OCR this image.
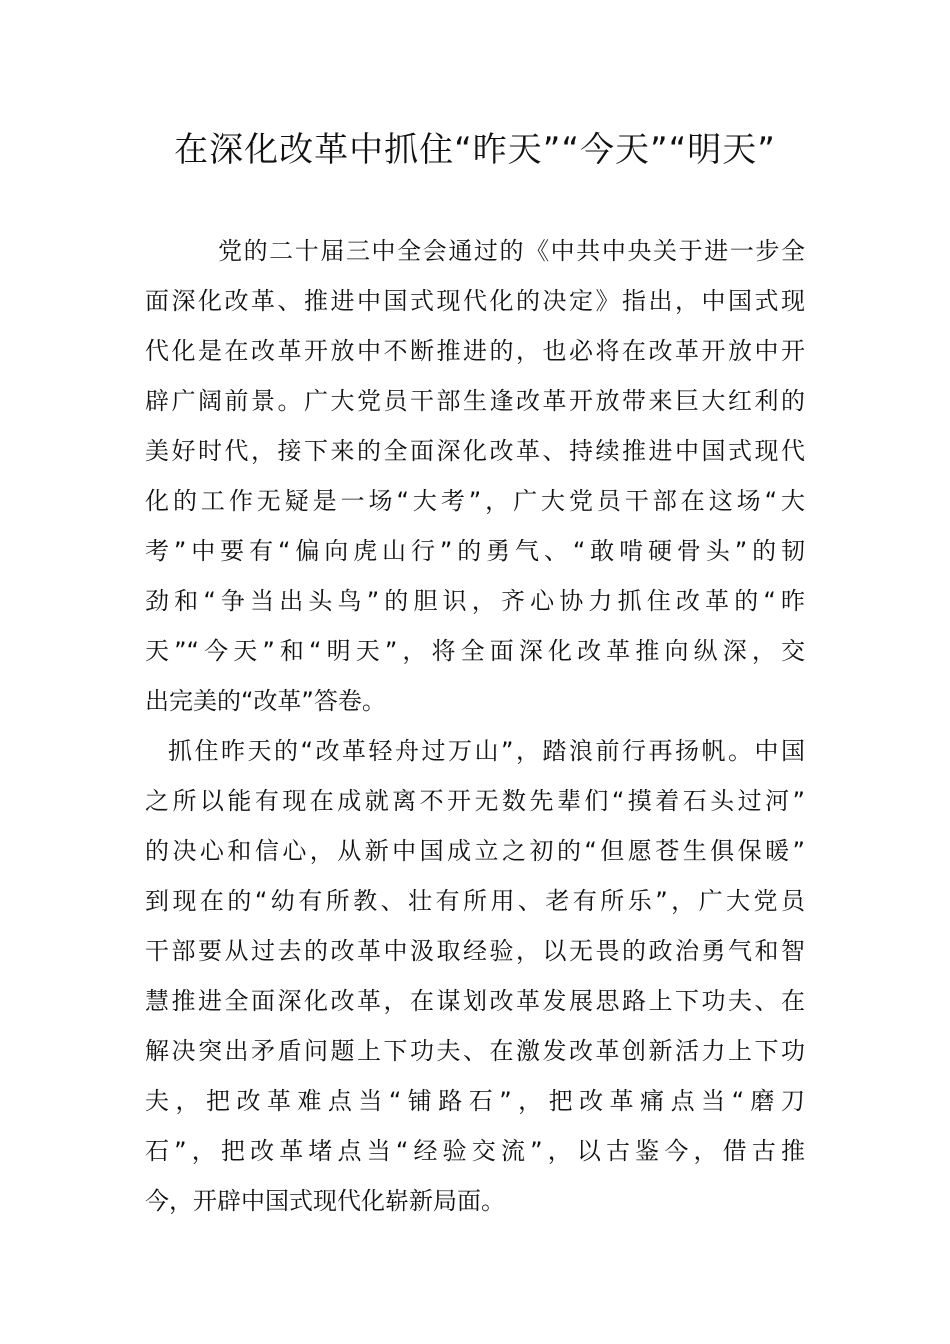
在深化改革中抓住“昨天”“今天”“明天”

党的二十届三中全会通过的《中共中央关于进一步全

面深化改革、推进中国式现代化的决定》指出，中国式现

代化是在改革开放中不断推进的，也必将在改革开放中开

辟广阔前景。广大党员干部生逢改革开放带来巨大红利的

美好时代，接下来的全面深化改革、持续推进中国式现代

化的工作无疑是一场“大考”，广大党员干部在这场“大

考”中要有“偏向虎山行”的勇气、“敢啃硬骨头”的韧

劲和“争当出头鸟”的胆识，齐心协力抓住改革的“昨

天”“今天”和“明天”，将全面深化改革推向纵深，交

出完美的“改革”答卷。

抓住昨天的“改革轻舟过万山”，踏浪前行再扬帆。中国

之所以能有现在成就离不开无数先辈们“摸着石头过河”

的决心和信心，从新中国成立之初的“但愿苍生俱保暖”

到现在的“幼有所教、壮有所用、老有所乐”，广大党员

干部要从过去的改革中汲取经验，以无畏的政治勇气和智

慧推进全面深化改革，在谋划改革发展思路上下功夫、在

解决突出矛盾问题上下功夫、在激发改革创新活力上下功

夫，把改革难点当“铺路石”，把改革痛点当“磨刀

石”，把改革堵点当“经验交流”，以古鉴今，借古推

今，开辟中国式现代化崭新局面。
